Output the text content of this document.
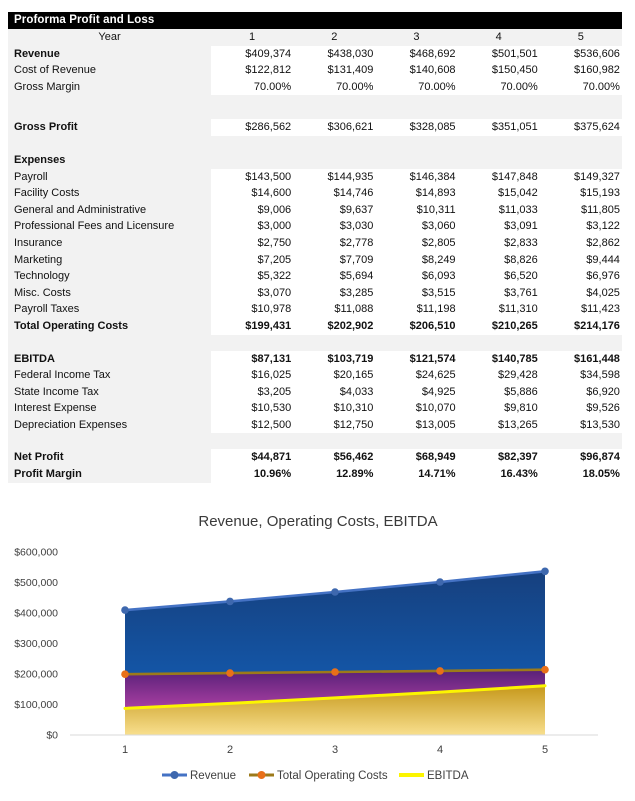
Proforma Profit and Loss
Year	1	2	3	4	5
Revenue	$409,374	$438,030	$468,692	$501,501	$536,606
Cost of Revenue	$122,812	$131,409	$140,608	$150,450	$160,982
Gross Margin	70.00%	70.00%	70.00%	70.00%	70.00%
Gross Profit	$286,562	$306,621	$328,085	$351,051	$375,624
Expenses
Payroll	$143,500	$144,935	$146,384	$147,848	$149,327
Facility Costs	$14,600	$14,746	$14,893	$15,042	$15,193
General and Administrative	$9,006	$9,637	$10,311	$11,033	$11,805
Professional Fees and Licensure	$3,000	$3,030	$3,060	$3,091	$3,122
Insurance	$2,750	$2,778	$2,805	$2,833	$2,862
Marketing	$7,205	$7,709	$8,249	$8,826	$9,444
Technology	$5,322	$5,694	$6,093	$6,520	$6,976
Misc. Costs	$3,070	$3,285	$3,515	$3,761	$4,025
Payroll Taxes	$10,978	$11,088	$11,198	$11,310	$11,423
Total Operating Costs	$199,431	$202,902	$206,510	$210,265	$214,176
EBITDA	$87,131	$103,719	$121,574	$140,785	$161,448
Federal Income Tax	$16,025	$20,165	$24,625	$29,428	$34,598
State Income Tax	$3,205	$4,033	$4,925	$5,886	$6,920
Interest Expense	$10,530	$10,310	$10,070	$9,810	$9,526
Depreciation Expenses	$12,500	$12,750	$13,005	$13,265	$13,530
Net Profit	$44,871	$56,462	$68,949	$82,397	$96,874
Profit Margin	10.96%	12.89%	14.71%	16.43%	18.05%
Revenue, Operating Costs, EBITDA
$0
$100,000
$200,000
$300,000
$400,000
$500,000
$600,000
1	2	3	4	5
Revenue	Total Operating Costs	EBITDA
